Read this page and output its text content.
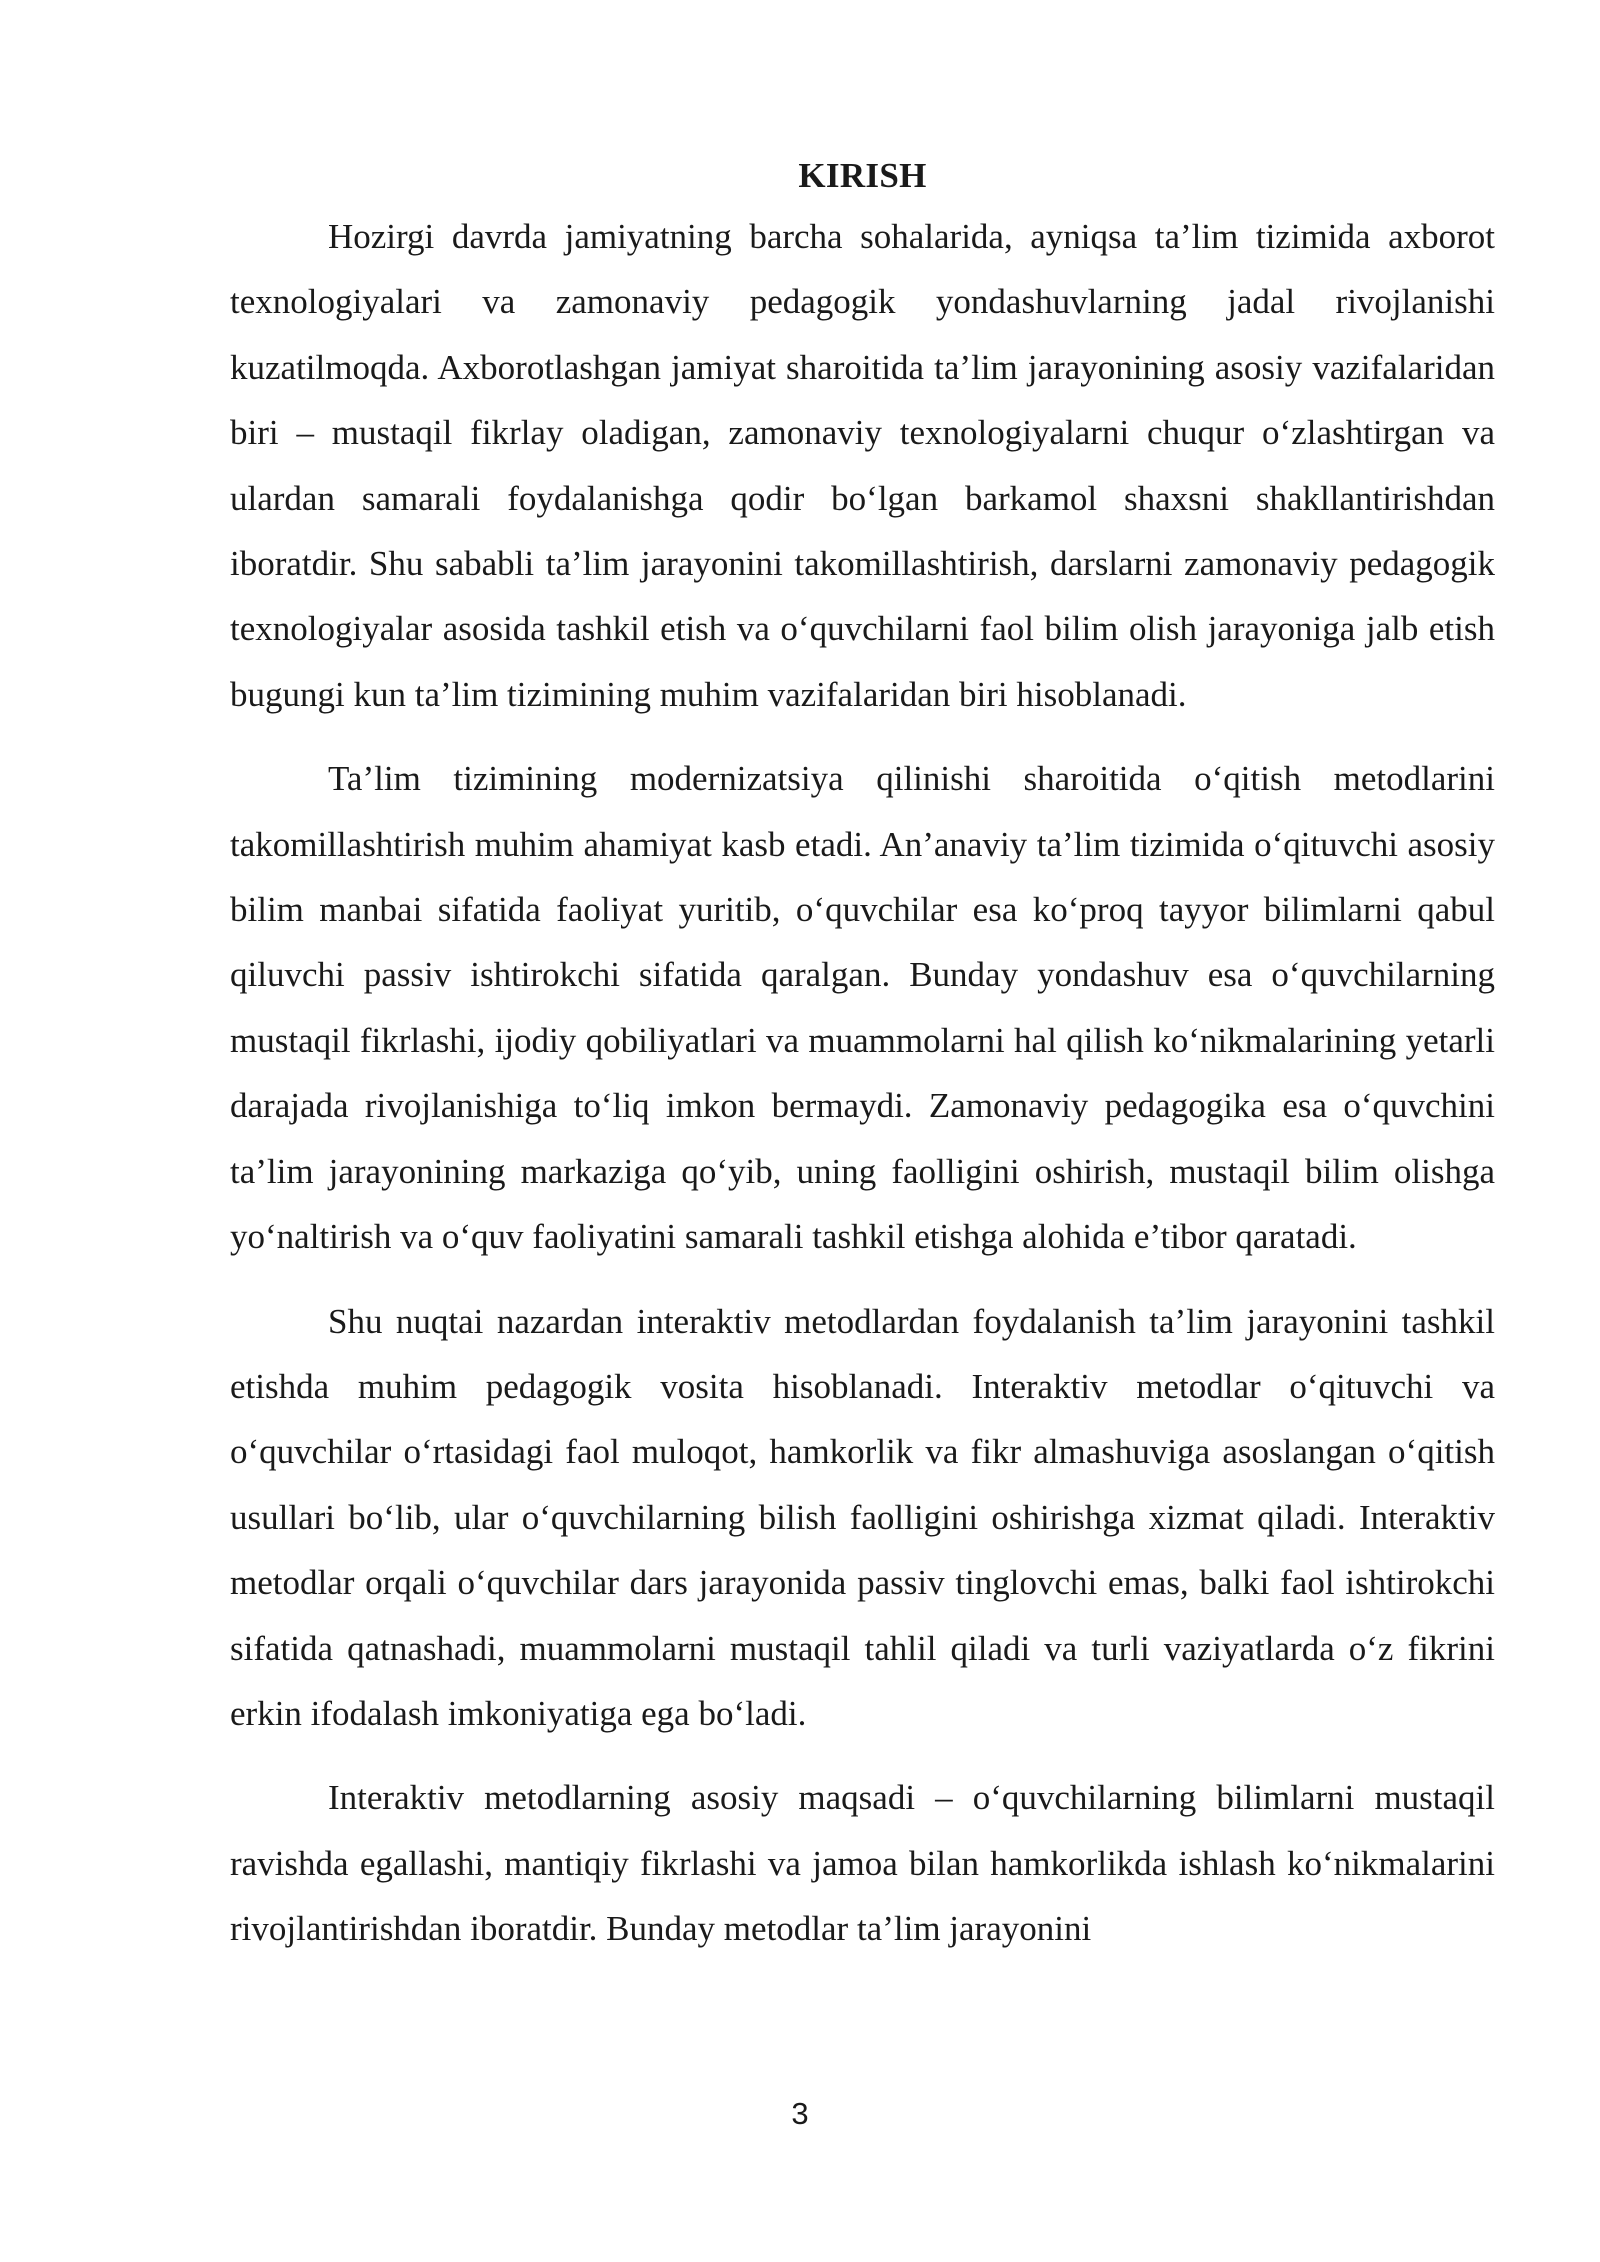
KIRISH

Hozirgi davrda jamiyatning barcha sohalarida, ayniqsa ta’lim tizimida axborot texnologiyalari va zamonaviy pedagogik yondashuvlarning jadal rivojlanishi kuzatilmoqda. Axborotlashgan jamiyat sharoitida ta’lim jarayonining asosiy vazifalaridan biri – mustaqil fikrlay oladigan, zamonaviy texnologiyalarni chuqur oʻzlashtirgan va ulardan samarali foydalanishga qodir boʻlgan barkamol shaxsni shakllantirishdan iboratdir. Shu sababli ta’lim jarayonini takomillashtirish, darslarni zamonaviy pedagogik texnologiyalar asosida tashkil etish va oʻquvchilarni faol bilim olish jarayoniga jalb etish bugungi kun ta’lim tizimining muhim vazifalaridan biri hisoblanadi.

Ta’lim tizimining modernizatsiya qilinishi sharoitida oʻqitish metodlarini takomillashtirish muhim ahamiyat kasb etadi. An’anaviy ta’lim tizimida oʻqituvchi asosiy bilim manbai sifatida faoliyat yuritib, oʻquvchilar esa koʻproq tayyor bilimlarni qabul qiluvchi passiv ishtirokchi sifatida qaralgan. Bunday yondashuv esa oʻquvchilarning mustaqil fikrlashi, ijodiy qobiliyatlari va muammolarni hal qilish koʻnikmalarining yetarli darajada rivojlanishiga toʻliq imkon bermaydi. Zamonaviy pedagogika esa oʻquvchini ta’lim jarayonining markaziga qoʻyib, uning faolligini oshirish, mustaqil bilim olishga yoʻnaltirish va oʻquv faoliyatini samarali tashkil etishga alohida e’tibor qaratadi.

Shu nuqtai nazardan interaktiv metodlardan foydalanish ta’lim jarayonini tashkil etishda muhim pedagogik vosita hisoblanadi. Interaktiv metodlar oʻqituvchi va oʻquvchilar oʻrtasidagi faol muloqot, hamkorlik va fikr almashuviga asoslangan oʻqitish usullari boʻlib, ular oʻquvchilarning bilish faolligini oshirishga xizmat qiladi. Interaktiv metodlar orqali oʻquvchilar dars jarayonida passiv tinglovchi emas, balki faol ishtirokchi sifatida qatnashadi, muammolarni mustaqil tahlil qiladi va turli vaziyatlarda oʻz fikrini erkin ifodalash imkoniyatiga ega boʻladi.

Interaktiv metodlarning asosiy maqsadi – oʻquvchilarning bilimlarni mustaqil ravishda egallashi, mantiqiy fikrlashi va jamoa bilan hamkorlikda ishlash koʻnikmalarini rivojlantirishdan iboratdir. Bunday metodlar ta’lim jarayonini

3
